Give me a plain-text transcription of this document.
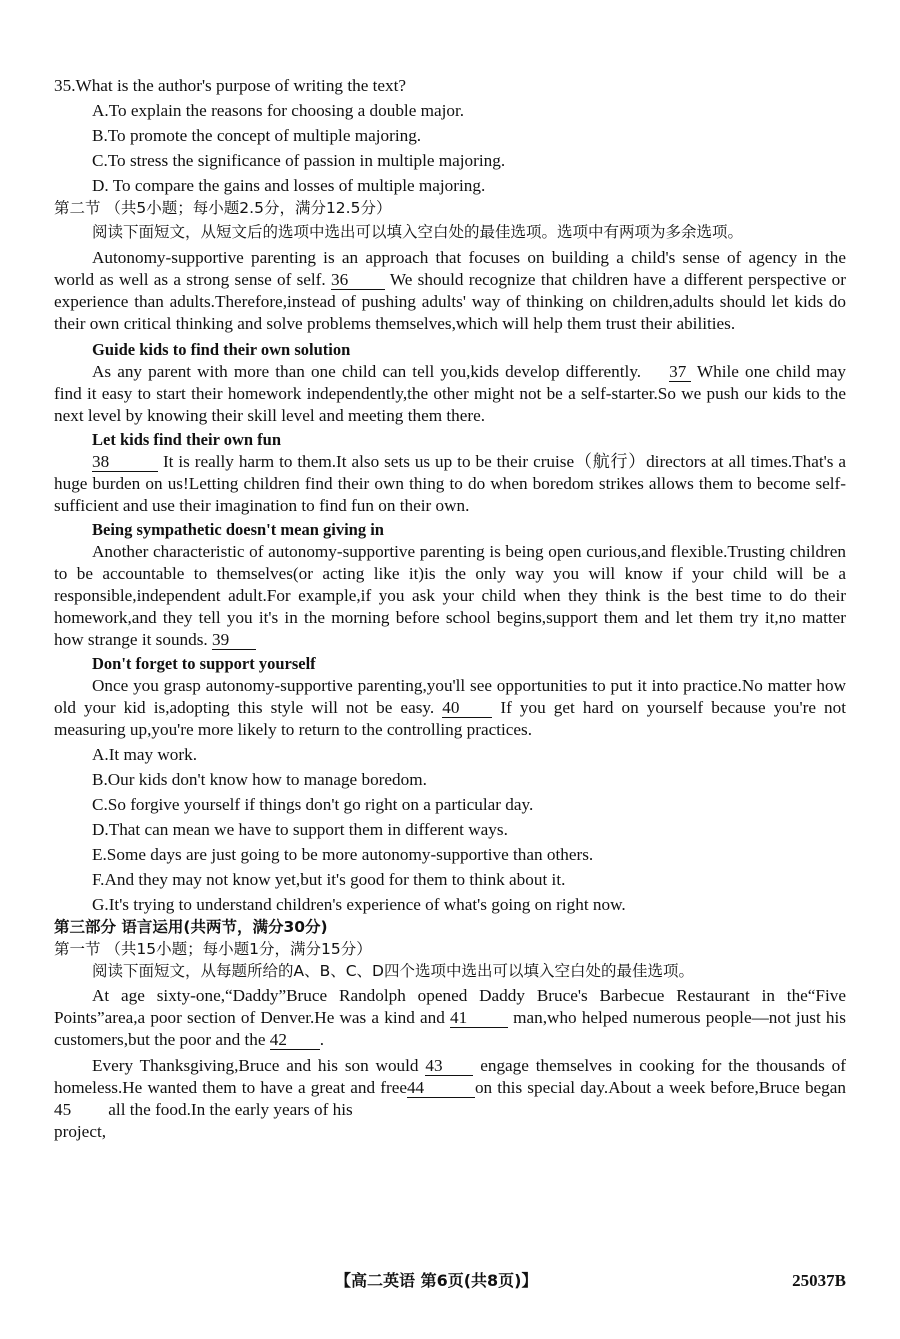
35.What is the author's purpose of writing the text?
A.To explain the reasons for choosing a double major.
B.To promote the concept of multiple majoring.
C.To stress the significance of passion in multiple majoring.
D. To compare the gains and losses of multiple majoring.
第二节 （共5小题；每小题2.5分，满分12.5分）
阅读下面短文，从短文后的选项中选出可以填入空白处的最佳选项。选项中有两项为多余选项。
Autonomy-supportive parenting is an approach that focuses on building a child's sense of agency in the world as well as a strong sense of self. 36 We should recognize that children have a different perspective or experience than adults.Therefore,instead of pushing adults' way of thinking on children,adults should let kids do their own critical thinking and solve problems themselves,which will help them trust their abilities.
Guide kids to find their own solution
As any parent with more than one child can tell you,kids develop differently. 37 While one child may find it easy to start their homework independently,the other might not be a self-starter.So we push our kids to the next level by knowing their skill level and meeting them there.
Let kids find their own fun
38	It is really harm to them.It also sets us up to be their cruise（航行）directors at all times.That's a huge burden on us!Letting children find their own thing to do when boredom strikes allows them to become self-sufficient and use their imagination to find fun on their own.
Being sympathetic doesn't mean giving in
Another characteristic of autonomy-supportive parenting is being open curious,and flexible.Trusting children to be accountable to themselves(or acting like it)is the only way you will know if your child will be a responsible,independent adult.For example,if you ask your child when they think is the best time to do their homework,and they tell you it's in the morning before school begins,support them and let them try it,no matter how strange it sounds. 39
Don't forget to support yourself
Once you grasp autonomy-supportive parenting,you'll see opportunities to put it into practice.No matter how old your kid is,adopting this style will not be easy. 40 If you get hard on yourself because you're not measuring up,you're more likely to return to the controlling practices.
A.It may work.
B.Our kids don't know how to manage boredom.
C.So forgive yourself if things don't go right on a particular day.
D.That can mean we have to support them in different ways.
E.Some days are just going to be more autonomy-supportive than others.
F.And they may not know yet,but it's good for them to think about it.
G.It's trying to understand children's experience of what's going on right now.
第三部分 语言运用(共两节，满分30分)
第一节 （共15小题；每小题1分，满分15分）
阅读下面短文，从每题所给的A、B、C、D四个选项中选出可以填入空白处的最佳选项。
At age sixty-one,“Daddy”Bruce Randolph opened Daddy Bruce's Barbecue Restaurant in the“Five Points”area,a poor section of Denver.He was a kind and 41 man,who helped numerous people—not just his customers,but the poor and the 42 .
Every Thanksgiving,Bruce and his son would 43 engage themselves in cooking for the thousands of homeless.He wanted them to have a great and free44	on this special day.About a week before,Bruce began 45 all the food.In the early years of his
project,
【高二英语 第6页(共8页)】	25037B
